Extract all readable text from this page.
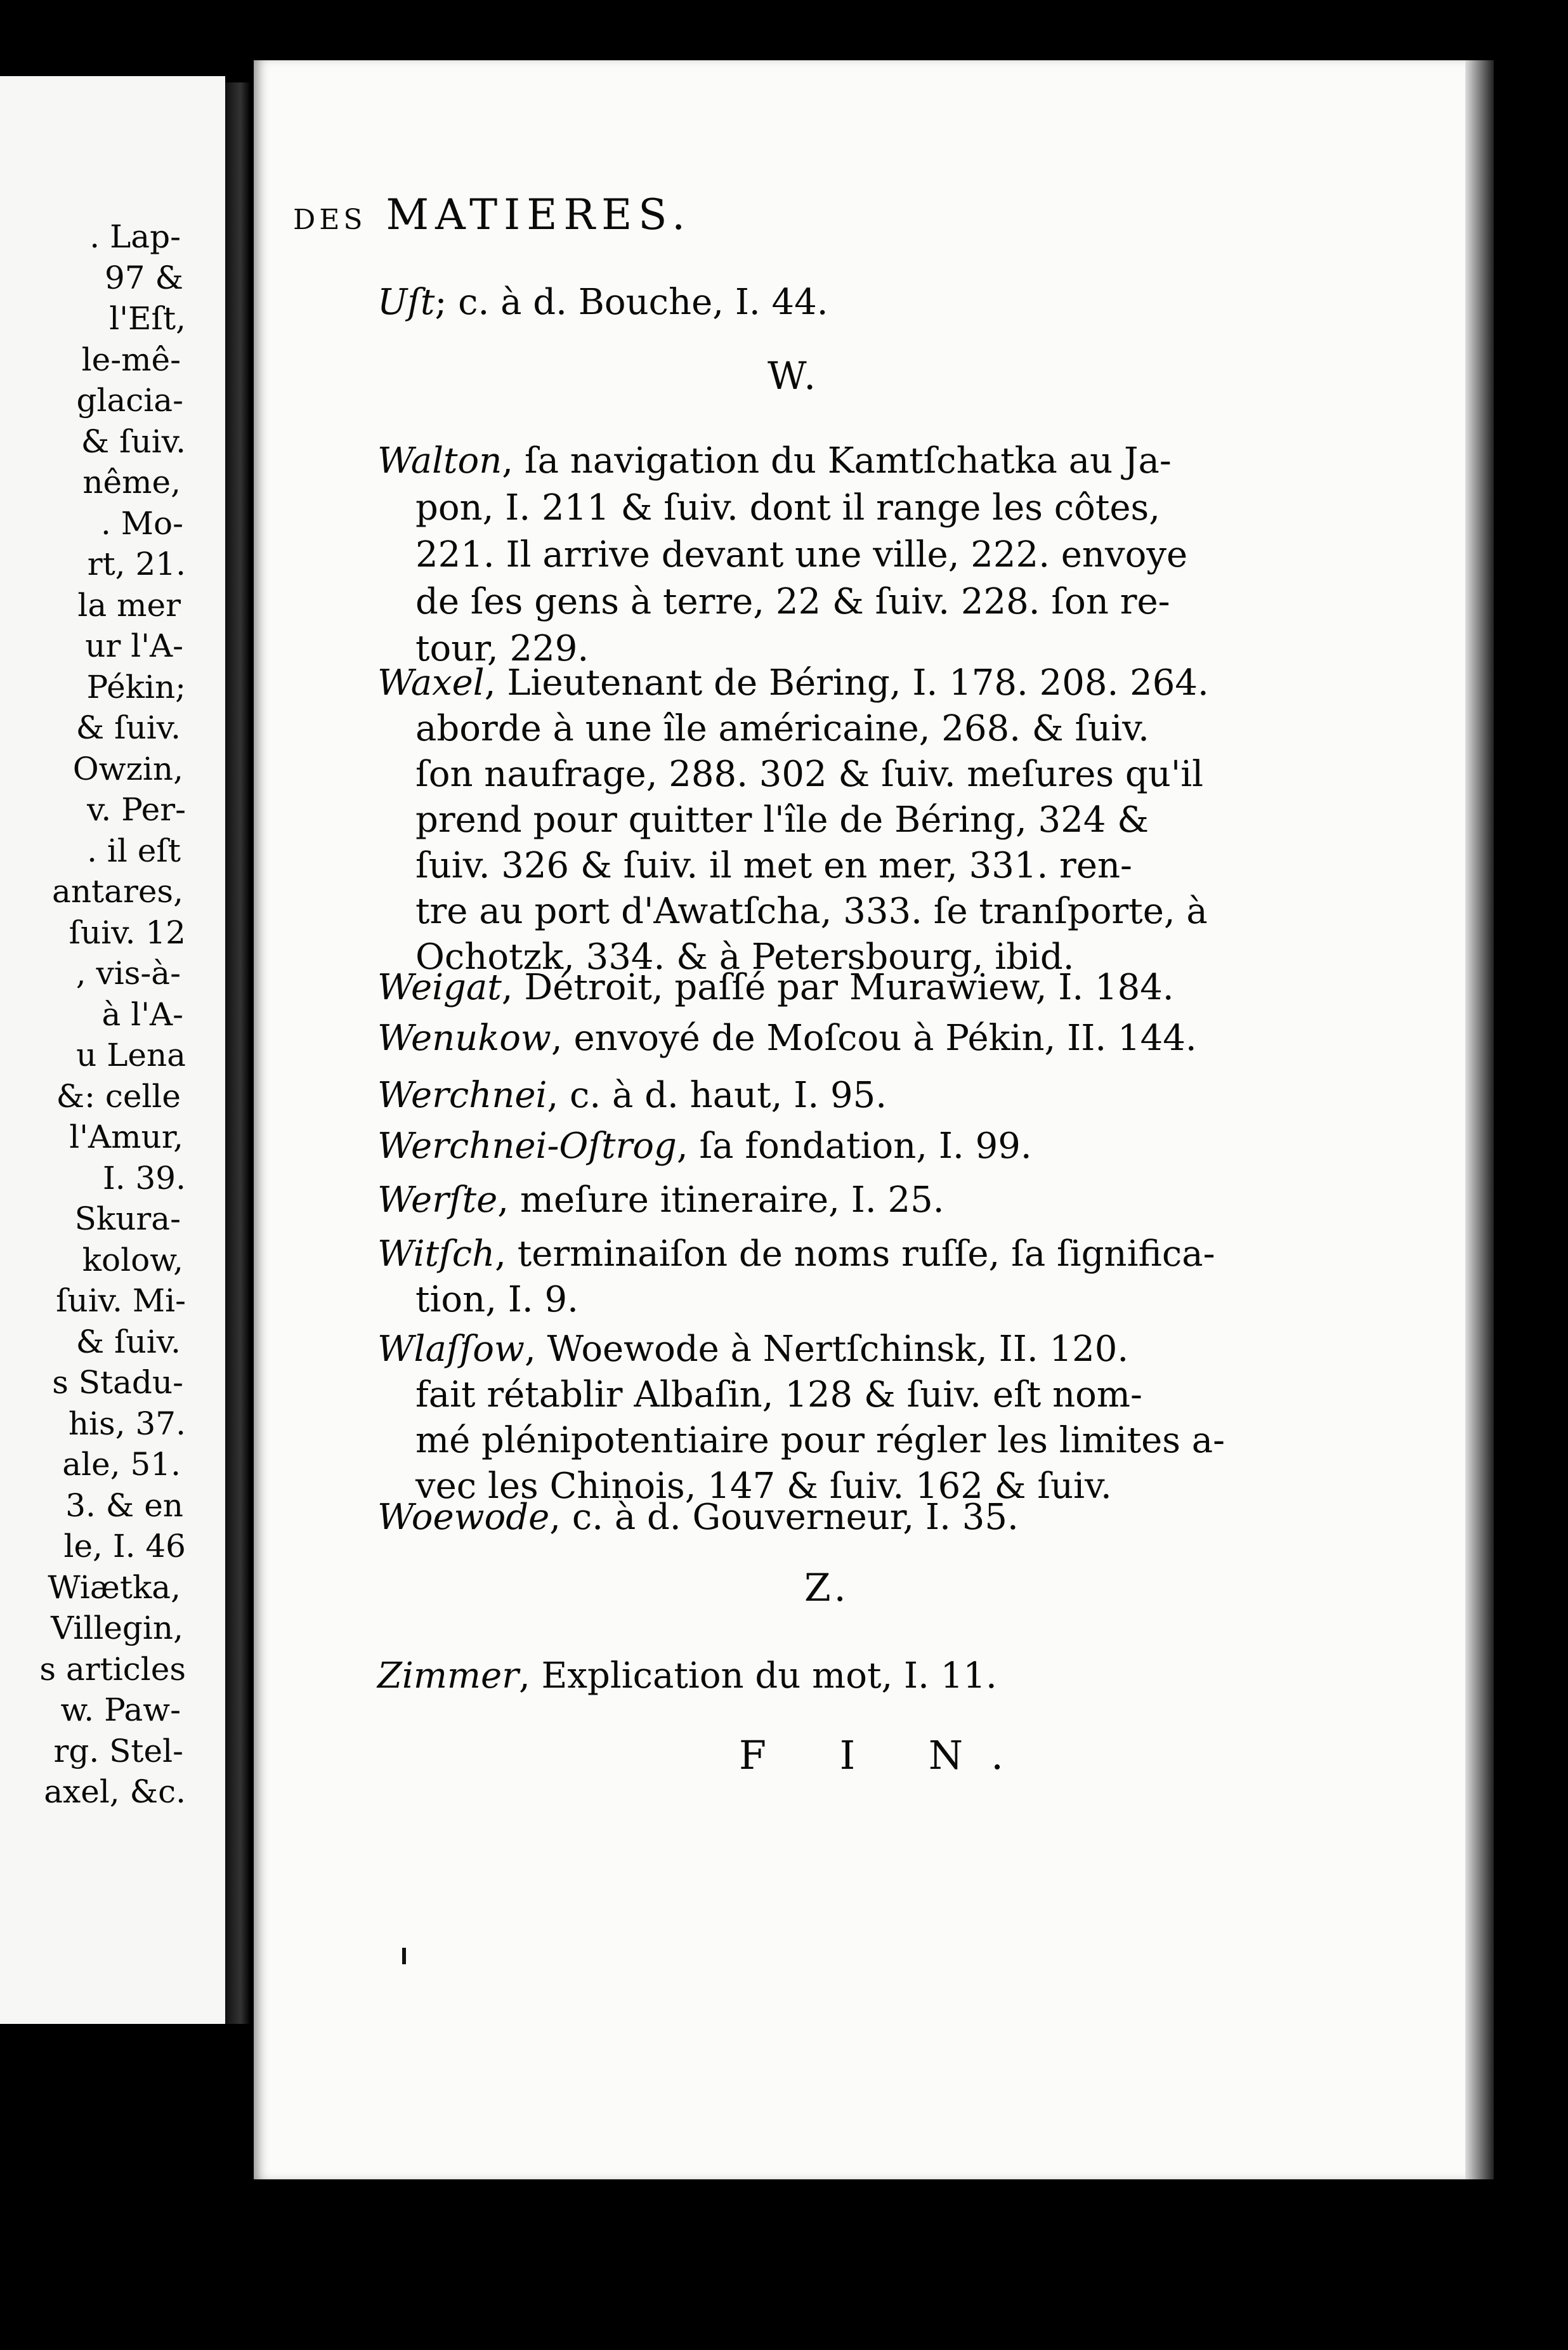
. Lap-
97 &
l'Eſt,
le-mê-
glacia-
& ſuiv.
nême,
. Mo-
rt, 21.
la mer
ur l'A-
Pékin;
& ſuiv.
Owzin,
v. Per-
. il eſt
antares,
ſuiv. 12
, vis-à-
à l'A-
u Lena
&: celle
l'Amur,
I. 39.
Skura-
kolow,
ſuiv. Mi-
& ſuiv.
s Stadu-
his, 37.
ale, 51.
3. & en
le, I. 46
Wiætka,
Villegin,
s articles
w. Paw-
rg. Stel-
axel, &c.
DES MATIERES.
W.
Z.
F I N.
Uſt; c. à d. Bouche, I. 44.
Walton, ſa navigation du Kamtſchatka au Ja-
pon, I. 211 & ſuiv. dont il range les côtes,
221. Il arrive devant une ville, 222. envoye
de ſes gens à terre, 22 & ſuiv. 228. ſon re-
tour, 229.
Waxel, Lieutenant de Béring, I. 178. 208. 264.
aborde à une île américaine, 268. & ſuiv.
ſon naufrage, 288. 302 & ſuiv. meſures qu'il
prend pour quitter l'île de Béring, 324 &
ſuiv. 326 & ſuiv. il met en mer, 331. ren-
tre au port d'Awatſcha, 333. ſe tranſporte, à
Ochotzk, 334. & à Petersbourg, ibid.
Weigat, Détroit, paſſé par Murawiew, I. 184.
Wenukow, envoyé de Moſcou à Pékin, II. 144.
Werchnei, c. à d. haut, I. 95.
Werchnei-Oſtrog, ſa fondation, I. 99.
Werſte, meſure itineraire, I. 25.
Witſch, terminaiſon de noms ruſſe, ſa ſignifica-
tion, I. 9.
Wlaſſow, Woewode à Nertſchinsk, II. 120.
fait rétablir Albaſin, 128 & ſuiv. eſt nom-
mé plénipotentiaire pour régler les limites a-
vec les Chinois, 147 & ſuiv. 162 & ſuiv.
Woewode, c. à d. Gouverneur, I. 35.
Zimmer, Explication du mot, I. 11.
